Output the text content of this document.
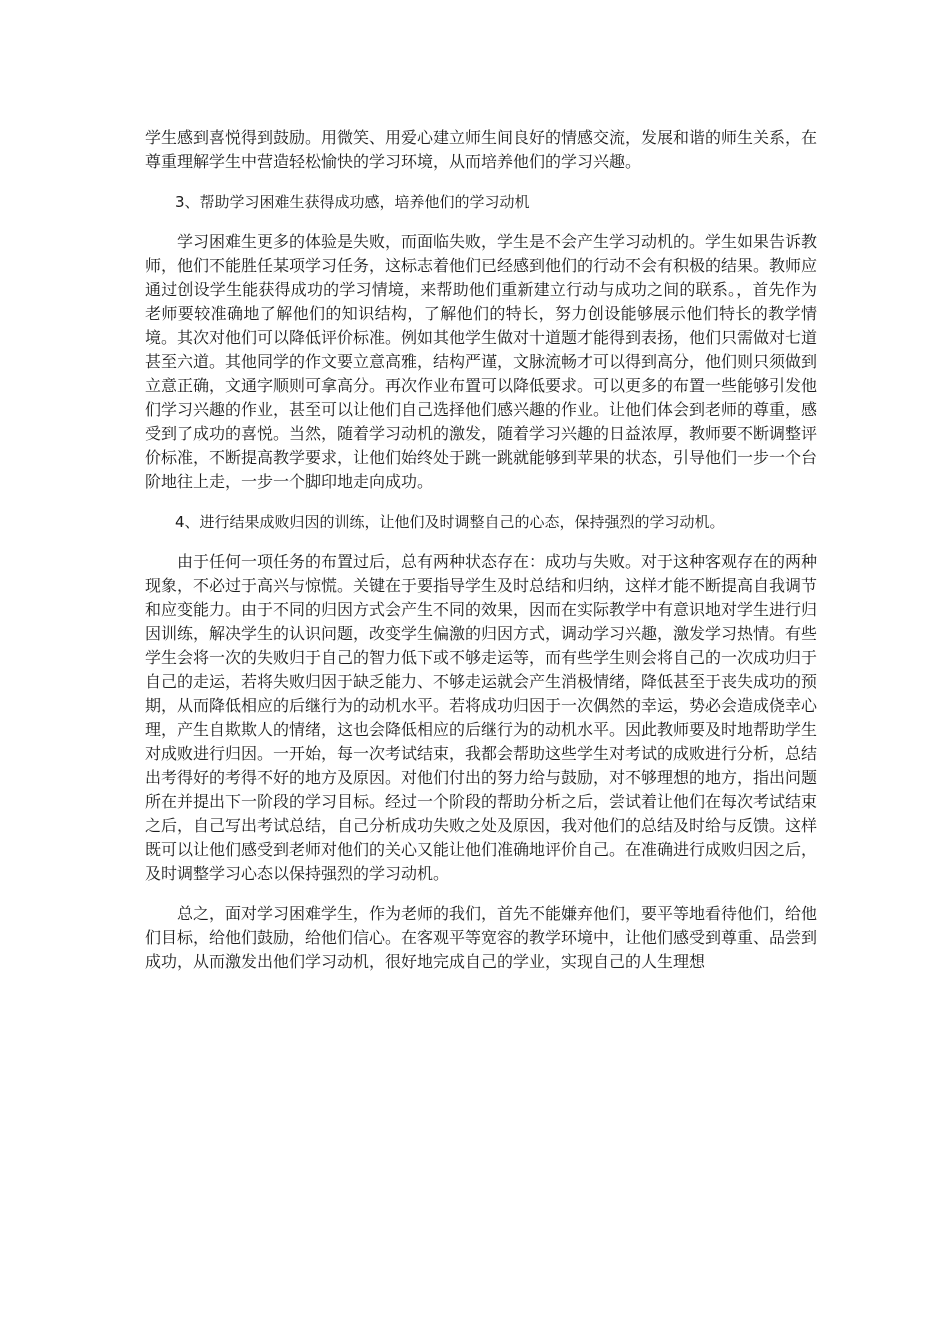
学生感到喜悦得到鼓励。用微笑、用爱心建立师生间良好的情感交流，发展和谐的师生关系，在尊重理解学生中营造轻松愉快的学习环境，从而培养他们的学习兴趣。

3、帮助学习困难生获得成功感，培养他们的学习动机

学习困难生更多的体验是失败，而面临失败，学生是不会产生学习动机的。学生如果告诉教师，他们不能胜任某项学习任务，这标志着他们已经感到他们的行动不会有积极的结果。教师应通过创设学生能获得成功的学习情境，来帮助他们重新建立行动与成功之间的联系。，首先作为老师要较准确地了解他们的知识结构，了解他们的特长，努力创设能够展示他们特长的教学情境。其次对他们可以降低评价标准。例如其他学生做对十道题才能得到表扬，他们只需做对七道甚至六道。其他同学的作文要立意高雅，结构严谨，文脉流畅才可以得到高分，他们则只须做到立意正确，文通字顺则可拿高分。再次作业布置可以降低要求。可以更多的布置一些能够引发他们学习兴趣的作业，甚至可以让他们自己选择他们感兴趣的作业。让他们体会到老师的尊重，感受到了成功的喜悦。当然，随着学习动机的激发，随着学习兴趣的日益浓厚，教师要不断调整评价标准，不断提高教学要求，让他们始终处于跳一跳就能够到苹果的状态，引导他们一步一个台阶地往上走，一步一个脚印地走向成功。

4、进行结果成败归因的训练，让他们及时调整自己的心态，保持强烈的学习动机。

由于任何一项任务的布置过后，总有两种状态存在：成功与失败。对于这种客观存在的两种现象，不必过于高兴与惊慌。关键在于要指导学生及时总结和归纳，这样才能不断提高自我调节和应变能力。由于不同的归因方式会产生不同的效果，因而在实际教学中有意识地对学生进行归因训练，解决学生的认识问题，改变学生偏激的归因方式，调动学习兴趣，激发学习热情。有些学生会将一次的失败归于自己的智力低下或不够走运等，而有些学生则会将自己的一次成功归于自己的走运，若将失败归因于缺乏能力、不够走运就会产生消极情绪，降低甚至于丧失成功的预期，从而降低相应的后继行为的动机水平。若将成功归因于一次偶然的幸运，势必会造成侥幸心理，产生自欺欺人的情绪，这也会降低相应的后继行为的动机水平。因此教师要及时地帮助学生对成败进行归因。一开始，每一次考试结束，我都会帮助这些学生对考试的成败进行分析，总结出考得好的考得不好的地方及原因。对他们付出的努力给与鼓励，对不够理想的地方，指出问题所在并提出下一阶段的学习目标。经过一个阶段的帮助分析之后，尝试着让他们在每次考试结束之后，自己写出考试总结，自己分析成功失败之处及原因，我对他们的总结及时给与反馈。这样既可以让他们感受到老师对他们的关心又能让他们准确地评价自己。在准确进行成败归因之后，及时调整学习心态以保持强烈的学习动机。

总之，面对学习困难学生，作为老师的我们，首先不能嫌弃他们，要平等地看待他们，给他们目标，给他们鼓励，给他们信心。在客观平等宽容的教学环境中，让他们感受到尊重、品尝到成功，从而激发出他们学习动机，很好地完成自己的学业，实现自己的人生理想
